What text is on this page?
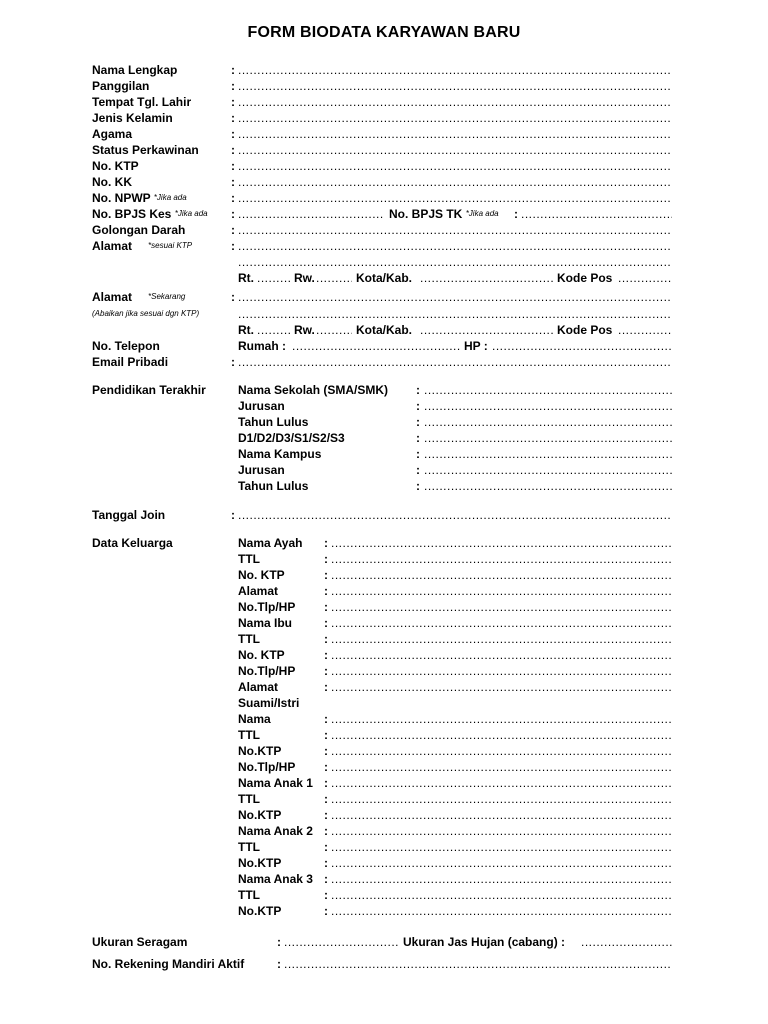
FORM BIODATA KARYAWAN BARU
Nama Lengkap	:
.....
Panggilan	:
.....
Tempat Tgl. Lahir	:
.....
Jenis Kelamin	:
.....
Agama	:
.....
Status Perkawinan	:
.....
No. KTP	:
.....
No. KK	:
.....
No. NPWP *Jika ada	:
.....
No. BPJS Kes *Jika ada : .....	No. BPJS TK *Jika ada :
.....
Golongan Darah	:
.....
Alamat *sesuai KTP	:
.....
.....
Rt. .....	Rw. .....	Kota/Kab. .....	Kode Pos
.....
Alamat *Sekarang	:
.....
(Abaikan jika sesuai dgn KTP)
.....
Rt. .....	Rw. .....	Kota/Kab. .....	Kode Pos
.....
No. Telepon	Rumah : .....	HP :
.....
Email Pribadi	:
.....
Pendidikan Terakhir	Nama Sekolah (SMA/SMK) :
.....
Jurusan	:
.....
Tahun Lulus	:
.....
D1/D2/D3/S1/S2/S3	:
.....
Nama Kampus	:
.....
Jurusan	:
.....
Tahun Lulus	:
.....
Tanggal Join	:
.....
Data Keluarga	Nama Ayah :
.....
TTL	:
.....
No. KTP	:
.....
Alamat	:
.....
No.Tlp/HP :
.....
Nama Ibu	:
.....
TTL	:
.....
No. KTP	:
.....
No.Tlp/HP :
.....
Alamat	:
.....
Suami/Istri
Nama	:
.....
TTL	:
.....
No.KTP	:
.....
No.Tlp/HP :
.....
Nama Anak 1 :
.....
TTL	:
.....
No.KTP	:
.....
Nama Anak 2 :
.....
TTL	:
.....
No.KTP	:
.....
Nama Anak 3 :
.....
TTL	:
.....
No.KTP	:
.....
Ukuran Seragam	: .....	Ukuran Jas Hujan (cabang) :
.....
No. Rekening Mandiri Aktif	:
.....
